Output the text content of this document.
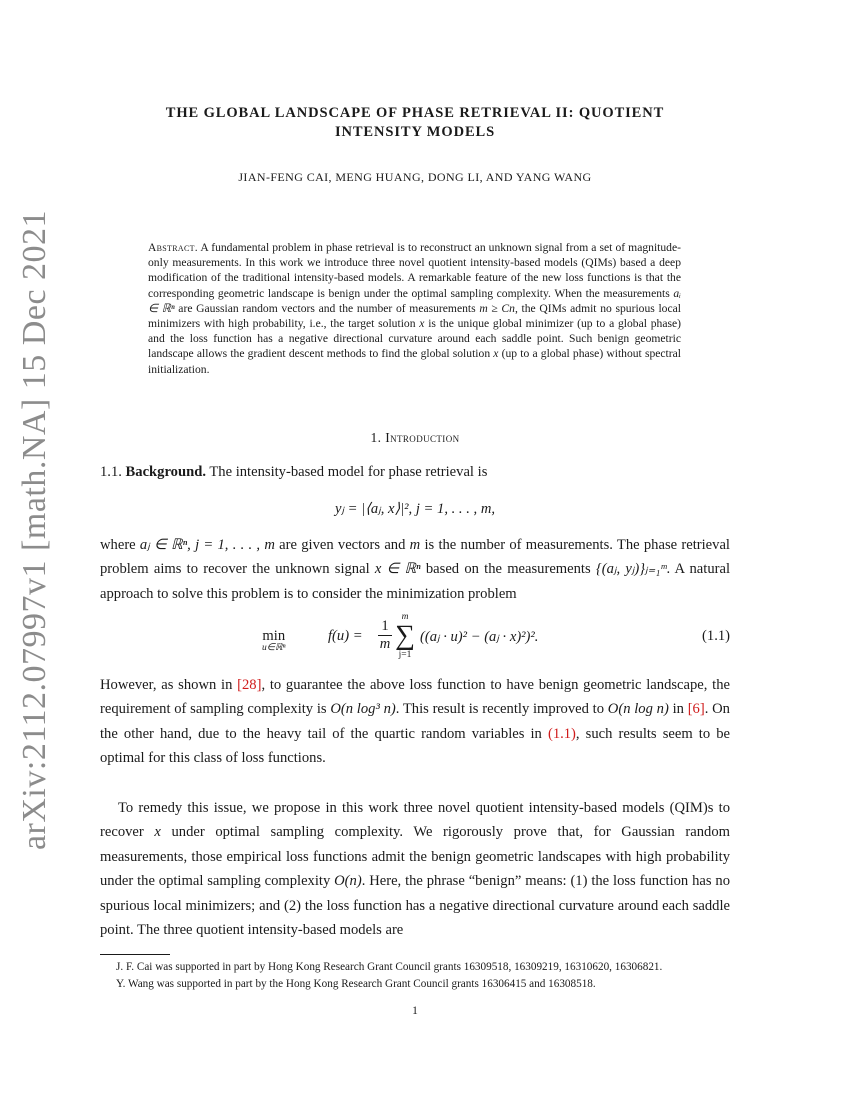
arXiv:2112.07997v1 [math.NA] 15 Dec 2021
THE GLOBAL LANDSCAPE OF PHASE RETRIEVAL II: QUOTIENT
INTENSITY MODELS
JIAN-FENG CAI, MENG HUANG, DONG LI, AND YANG WANG
Abstract. A fundamental problem in phase retrieval is to reconstruct an unknown signal from a set of magnitude-only measurements. In this work we introduce three novel quotient intensity-based models (QIMs) based a deep modification of the traditional intensity-based models. A remarkable feature of the new loss functions is that the corresponding geometric landscape is benign under the optimal sampling complexity. When the measurements aᵢ ∈ ℝⁿ are Gaussian random vectors and the number of measurements m ≥ Cn, the QIMs admit no spurious local minimizers with high probability, i.e., the target solution x is the unique global minimizer (up to a global phase) and the loss function has a negative directional curvature around each saddle point. Such benign geometric landscape allows the gradient descent methods to find the global solution x (up to a global phase) without spectral initialization.
1. Introduction

1.1. Background. The intensity-based model for phase retrieval is

yⱼ = |⟨aⱼ, x⟩|², j = 1, . . . , m,

where aⱼ ∈ ℝⁿ, j = 1, . . . , m are given vectors and m is the number of measurements. The phase retrieval problem aims to recover the unknown signal x ∈ ℝⁿ based on the measurements {(aⱼ, yⱼ)}ⱼ₌₁ᵐ. A natural approach to solve this problem is to consider the minimization problem

min
u∈ℝⁿ
$f(u) = \frac{1}{m}$
m
∑
j=1
((aⱼ · u)² − (aⱼ · x)²)².	(1.1)

However, as shown in [28], to guarantee the above loss function to have benign geometric landscape, the requirement of sampling complexity is O(n log³ n). This result is recently improved to O(n log n) in [6]. On the other hand, due to the heavy tail of the quartic random variables in (1.1), such results seem to be optimal for this class of loss functions.

To remedy this issue, we propose in this work three novel quotient intensity-based models (QIM)s to recover x under optimal sampling complexity. We rigorously prove that, for Gaussian random measurements, those empirical loss functions admit the benign geometric landscapes with high probability under the optimal sampling complexity O(n). Here, the phrase “benign” means: (1) the loss function has no spurious local minimizers; and (2) the loss function has a negative directional curvature around each saddle point. The three quotient intensity-based models are

J. F. Cai was supported in part by Hong Kong Research Grant Council grants 16309518, 16309219, 16310620, 16306821.

Y. Wang was supported in part by the Hong Kong Research Grant Council grants 16306415 and 16308518.

1
